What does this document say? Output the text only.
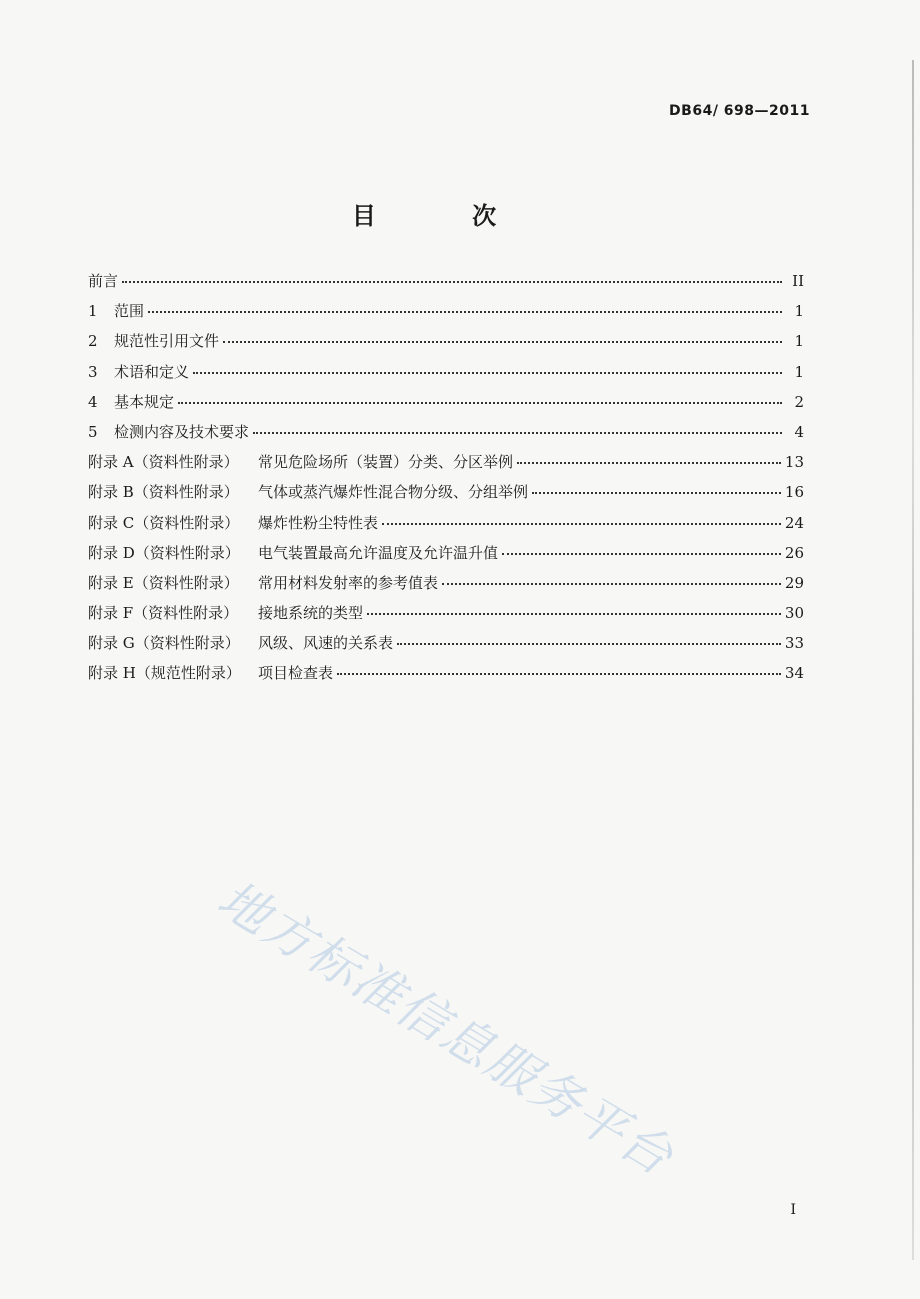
DB64/ 698—2011
目 次
前言	II
1 范围	1
2 规范性引用文件	1
3 术语和定义	1
4 基本规定	2
5 检测内容及技术要求	4
附录 A（资料性附录） 常见危险场所（装置）分类、分区举例	13
附录 B（资料性附录） 气体或蒸汽爆炸性混合物分级、分组举例	16
附录 C（资料性附录） 爆炸性粉尘特性表	24
附录 D（资料性附录） 电气装置最高允许温度及允许温升值	26
附录 E（资料性附录） 常用材料发射率的参考值表	29
附录 F（资料性附录） 接地系统的类型	30
附录 G（资料性附录） 风级、风速的关系表	33
附录 H（规范性附录） 项目检查表	34
地方标准信息服务平台
I
